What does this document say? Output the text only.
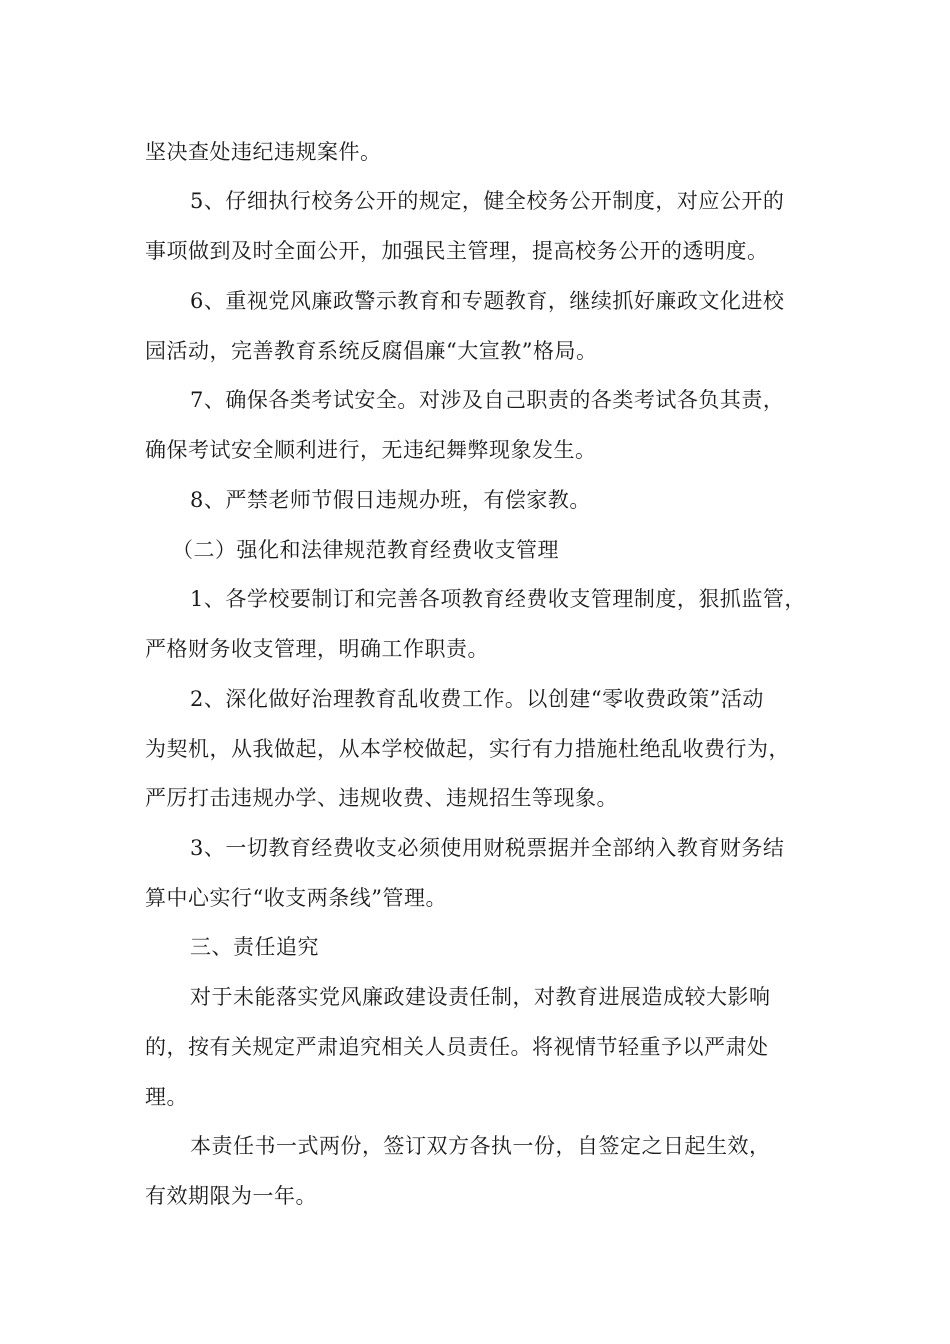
坚决查处违纪违规案件。
5、仔细执行校务公开的规定，健全校务公开制度，对应公开的
事项做到及时全面公开，加强民主管理，提高校务公开的透明度。
6、重视党风廉政警示教育和专题教育，继续抓好廉政文化进校
园活动，完善教育系统反腐倡廉“大宣教”格局。
7、确保各类考试安全。对涉及自己职责的各类考试各负其责，
确保考试安全顺利进行，无违纪舞弊现象发生。
8、严禁老师节假日违规办班，有偿家教。
（二）强化和法律规范教育经费收支管理
1、各学校要制订和完善各项教育经费收支管理制度，狠抓监管，
严格财务收支管理，明确工作职责。
2、深化做好治理教育乱收费工作。以创建“零收费政策”活动
为契机，从我做起，从本学校做起，实行有力措施杜绝乱收费行为，
严厉打击违规办学、违规收费、违规招生等现象。
3、一切教育经费收支必须使用财税票据并全部纳入教育财务结
算中心实行“收支两条线”管理。
三、责任追究
对于未能落实党风廉政建设责任制，对教育进展造成较大影响
的，按有关规定严肃追究相关人员责任。将视情节轻重予以严肃处
理。
本责任书一式两份，签订双方各执一份，自签定之日起生效，
有效期限为一年。
